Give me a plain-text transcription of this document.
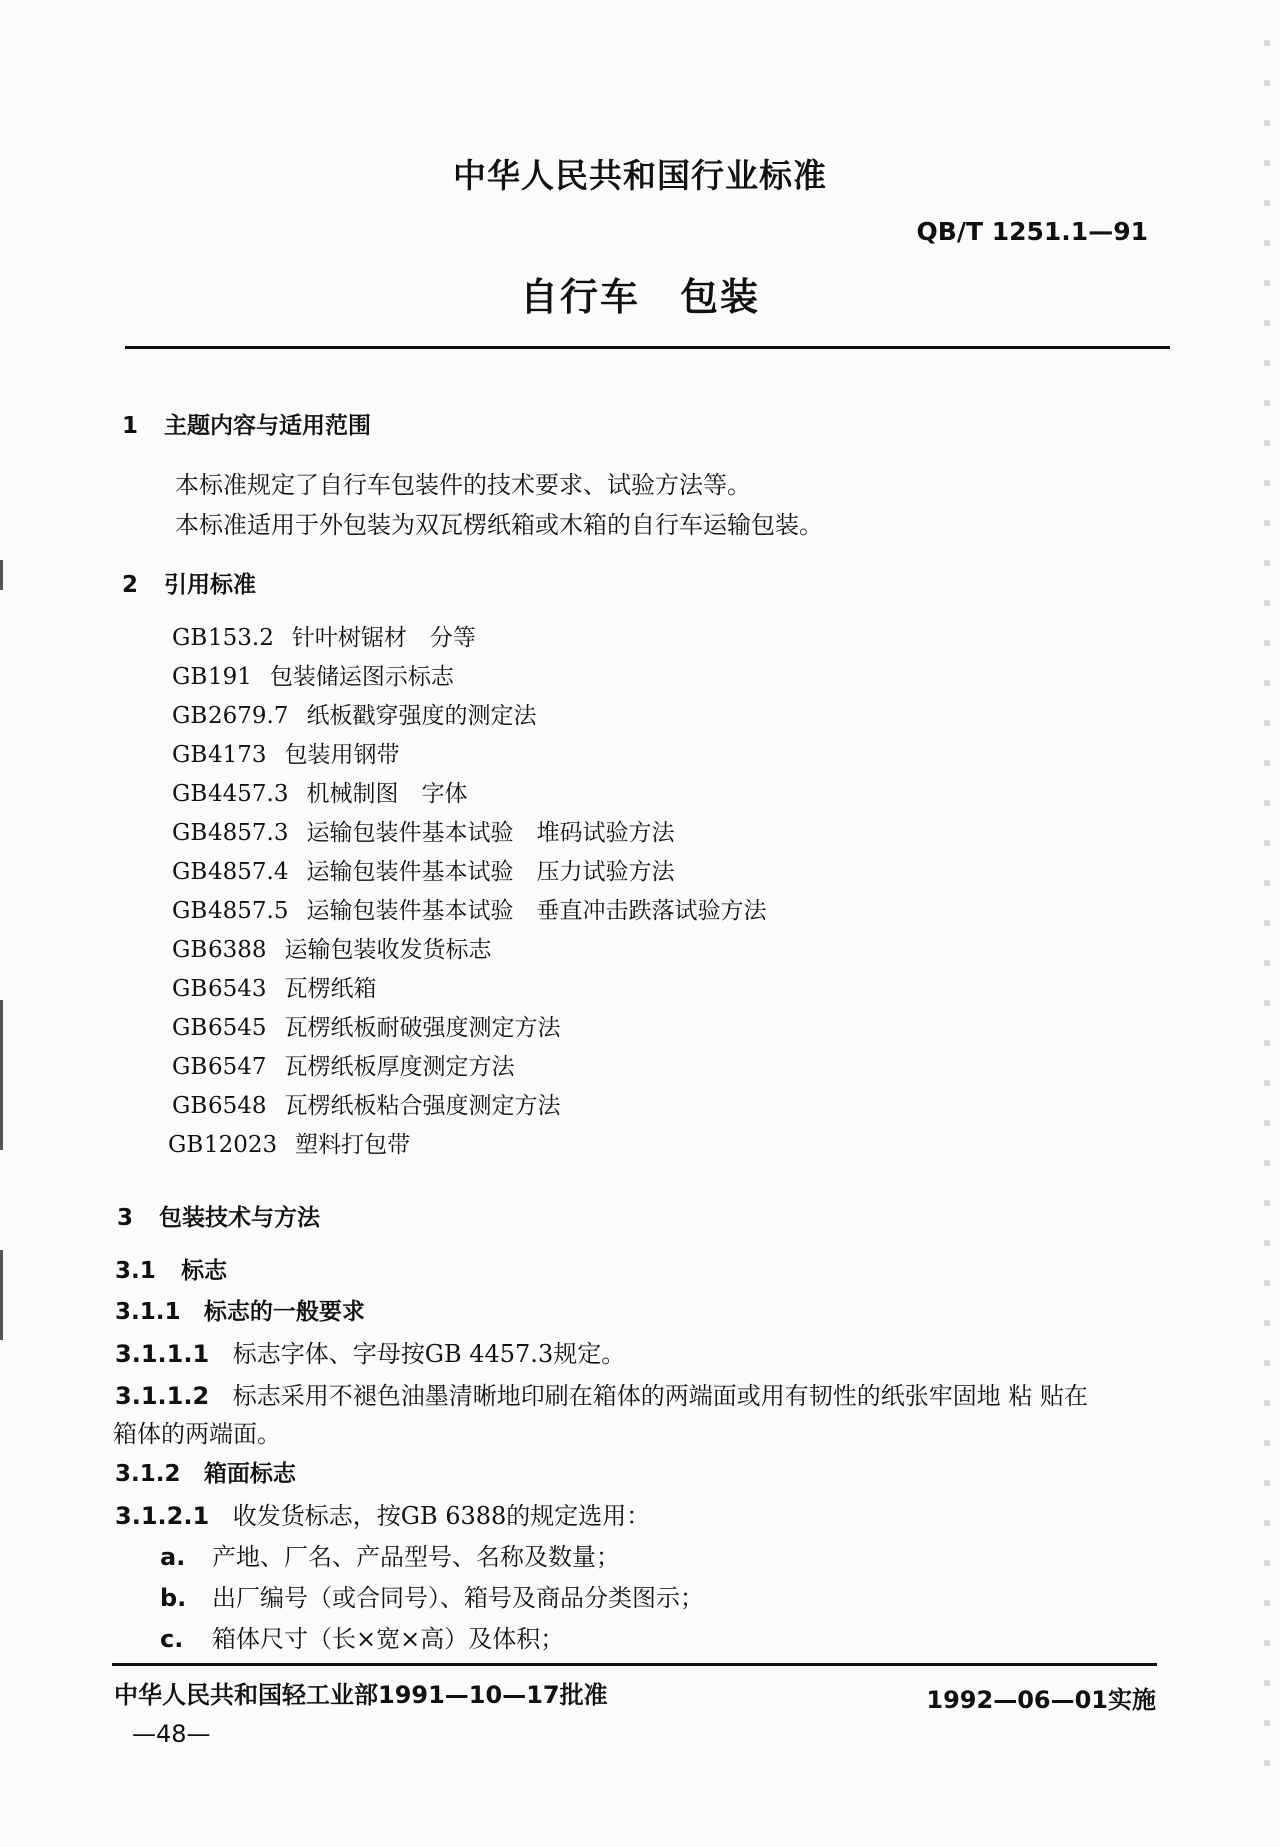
中华人民共和国行业标准
QB/T 1251.1—91
自行车　包装
1 主题内容与适用范围
本标准规定了自行车包装件的技术要求、试验方法等。
本标准适用于外包装为双瓦楞纸箱或木箱的自行车运输包装。
2 引用标准
GB153.2 针叶树锯材　分等
GB191 包装储运图示标志
GB2679.7 纸板戳穿强度的测定法
GB4173 包装用钢带
GB4457.3 机械制图　字体
GB4857.3 运输包装件基本试验　堆码试验方法
GB4857.4 运输包装件基本试验　压力试验方法
GB4857.5 运输包装件基本试验　垂直冲击跌落试验方法
GB6388 运输包装收发货标志
GB6543 瓦楞纸箱
GB6545 瓦楞纸板耐破强度测定方法
GB6547 瓦楞纸板厚度测定方法
GB6548 瓦楞纸板粘合强度测定方法
GB12023 塑料打包带
3 包装技术与方法
3.1 标志
3.1.1 标志的一般要求
3.1.1.1 标志字体、字母按GB 4457.3规定。
3.1.1.2 标志采用不褪色油墨清晰地印刷在箱体的两端面或用有韧性的纸张牢固地 粘 贴在
箱体的两端面。
3.1.2 箱面标志
3.1.2.1 收发货标志，按GB 6388的规定选用：
a. 产地、厂名、产品型号、名称及数量；
b. 出厂编号（或合同号）、箱号及商品分类图示；
c. 箱体尺寸（长×宽×高）及体积；
中华人民共和国轻工业部1991—10—17批准	1992—06—01实施
—48—
